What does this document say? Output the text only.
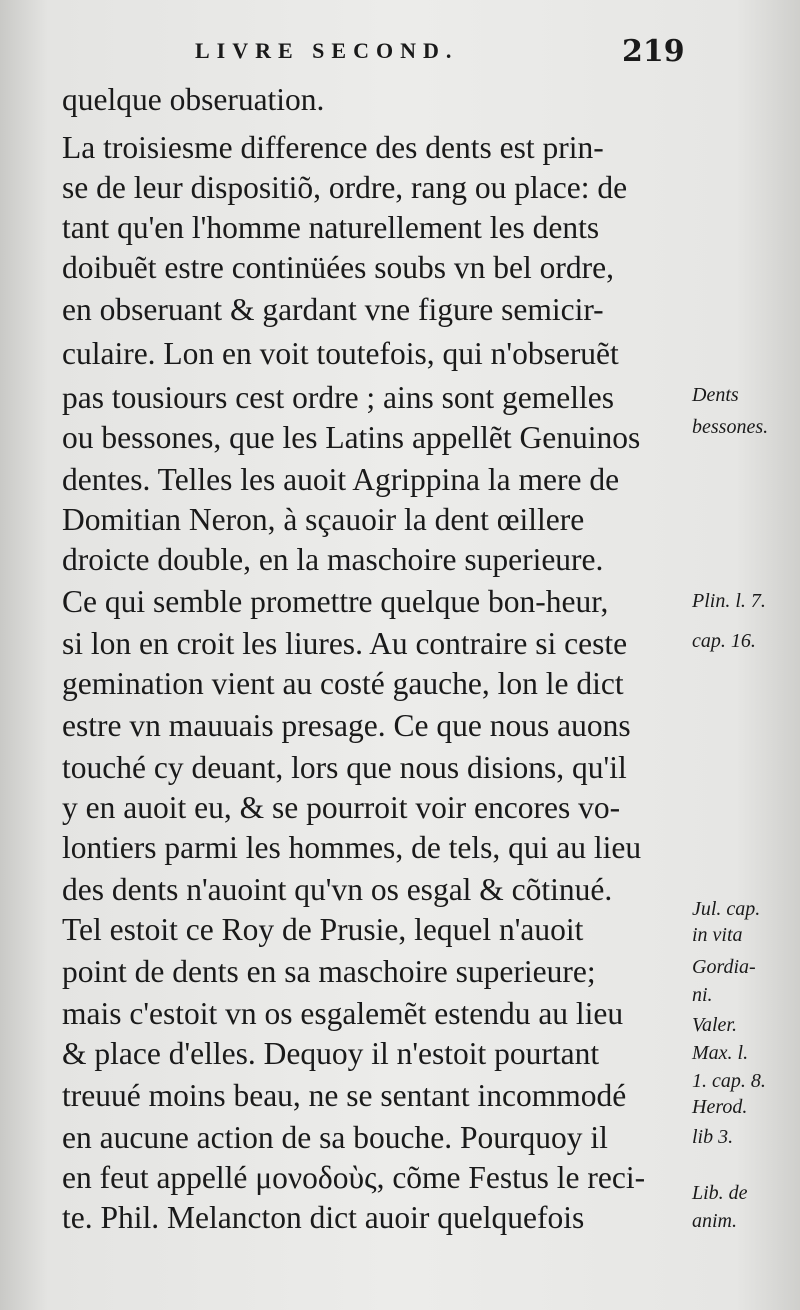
LIVRE SECOND.	219
quelque obseruation.
La troisiesme difference des dents est prin-
se de leur dispositiõ, ordre, rang ou place: de
tant qu'en l'homme naturellement les dents
doibuẽt estre continüées soubs vn bel ordre,
en obseruant & gardant vne figure semicir-
culaire. Lon en voit toutefois, qui n'obseruẽt
pas tousiours cest ordre ; ains sont gemelles
ou bessones, que les Latins appellẽt Genuinos
dentes. Telles les auoit Agrippina la mere de
Domitian Neron, à sçauoir la dent œillere
droicte double, en la maschoire superieure.
Ce qui semble promettre quelque bon-heur,
si lon en croit les liures. Au contraire si ceste
gemination vient au costé gauche, lon le dict
estre vn mauuais presage. Ce que nous auons
touché cy deuant, lors que nous disions, qu'il
y en auoit eu, & se pourroit voir encores vo-
lontiers parmi les hommes, de tels, qui au lieu
des dents n'auoint qu'vn os esgal & cõtinué.
Tel estoit ce Roy de Prusie, lequel n'auoit
point de dents en sa maschoire superieure;
mais c'estoit vn os esgalemẽt estendu au lieu
& place d'elles. Dequoy il n'estoit pourtant
treuué moins beau, ne se sentant incommodé
en aucune action de sa bouche. Pourquoy il
en feut appellé μονοδοὺς, cõme Festus le reci-
te. Phil. Melancton dict auoir quelquefois
Dents
bessones.
Plin. l. 7.
cap. 16.
Jul. cap.
in vita
Gordia-
ni.
Valer.
Max. l.
1. cap. 8.
Herod.
lib 3.
Lib. de
anim.
